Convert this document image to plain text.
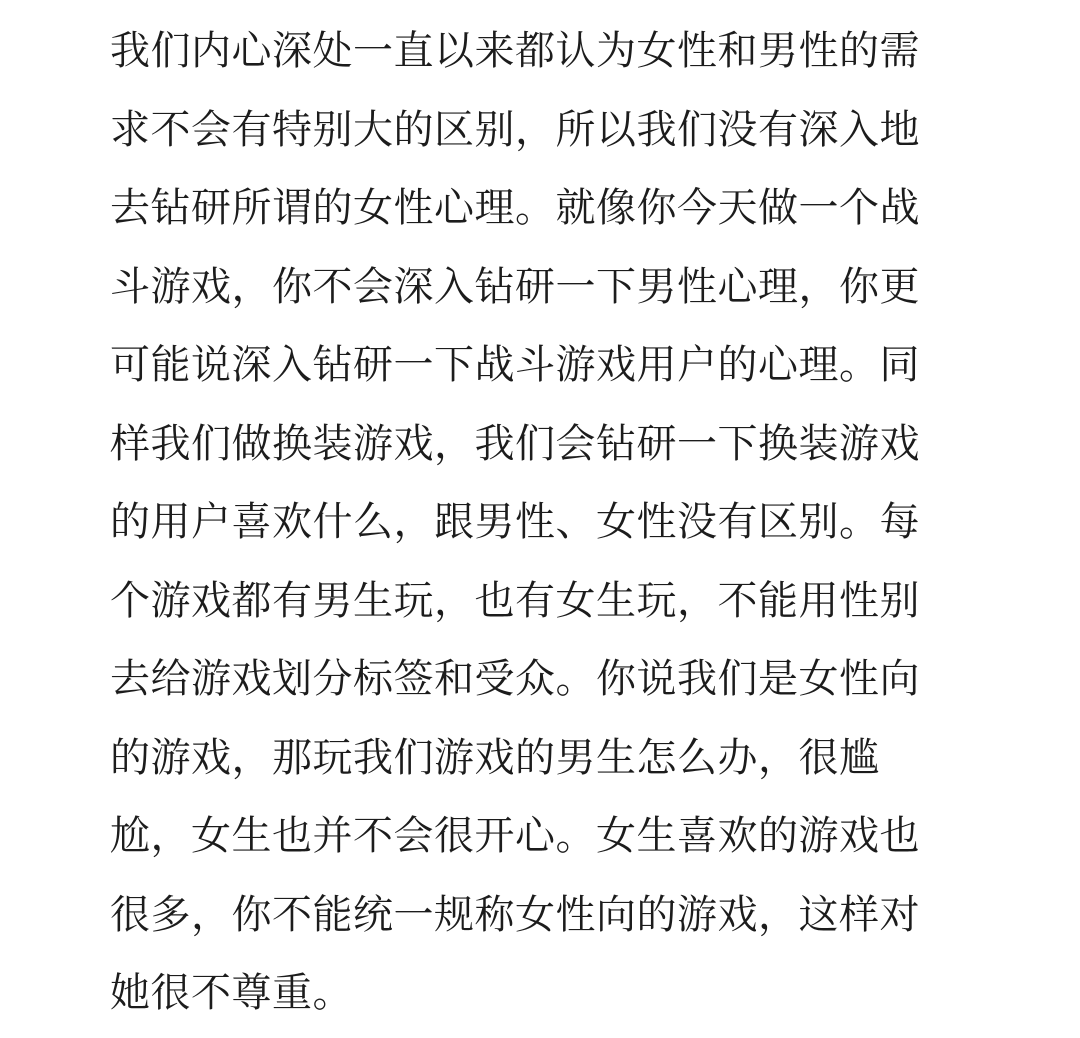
我们内心深处一直以来都认为女性和男性的需
求不会有特别大的区别，所以我们没有深入地
去钻研所谓的女性心理。就像你今天做一个战
斗游戏，你不会深入钻研一下男性心理，你更
可能说深入钻研一下战斗游戏用户的心理。同
样我们做换装游戏，我们会钻研一下换装游戏
的用户喜欢什么，跟男性、女性没有区别。每
个游戏都有男生玩，也有女生玩，不能用性别
去给游戏划分标签和受众。你说我们是女性向
的游戏，那玩我们游戏的男生怎么办，很尴
尬，女生也并不会很开心。女生喜欢的游戏也
很多，你不能统一规称女性向的游戏，这样对
她很不尊重。
